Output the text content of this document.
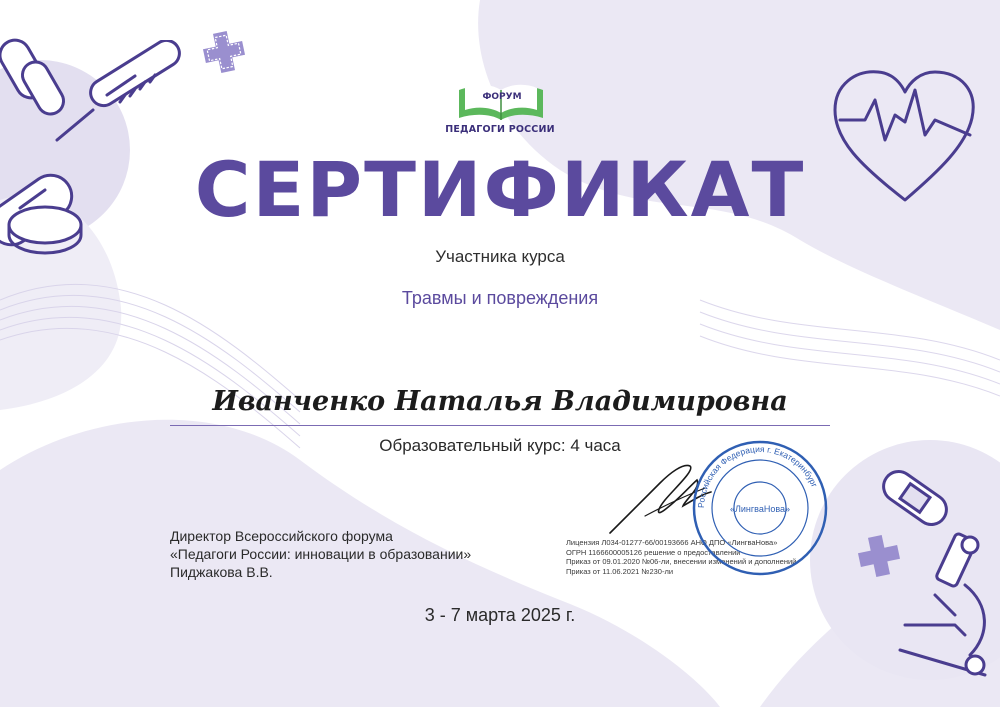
ФОРУМ
ПЕДАГОГИ РОССИИ
СЕРТИФИКАТ
Участника курса
Травмы и повреждения
Иванченко Наталья Владимировна
Образовательный курс: 4 часа
Директор Всероссийского форума
«Педагоги России: инновации в образовании»
Пиджакова В.В.
Лицензия Л034-01277-66/00193666 АНО ДПО «ЛингваНова»
ОГРН 1166600005126 решение о предоставлении
Приказ от 09.01.2020 №06-ли, внесении изменений и дополнений
Приказ от 11.06.2021 №230-ли
Российская Федерация г. Екатеринбург
«ЛингваНова»
3 - 7 марта 2025 г.
